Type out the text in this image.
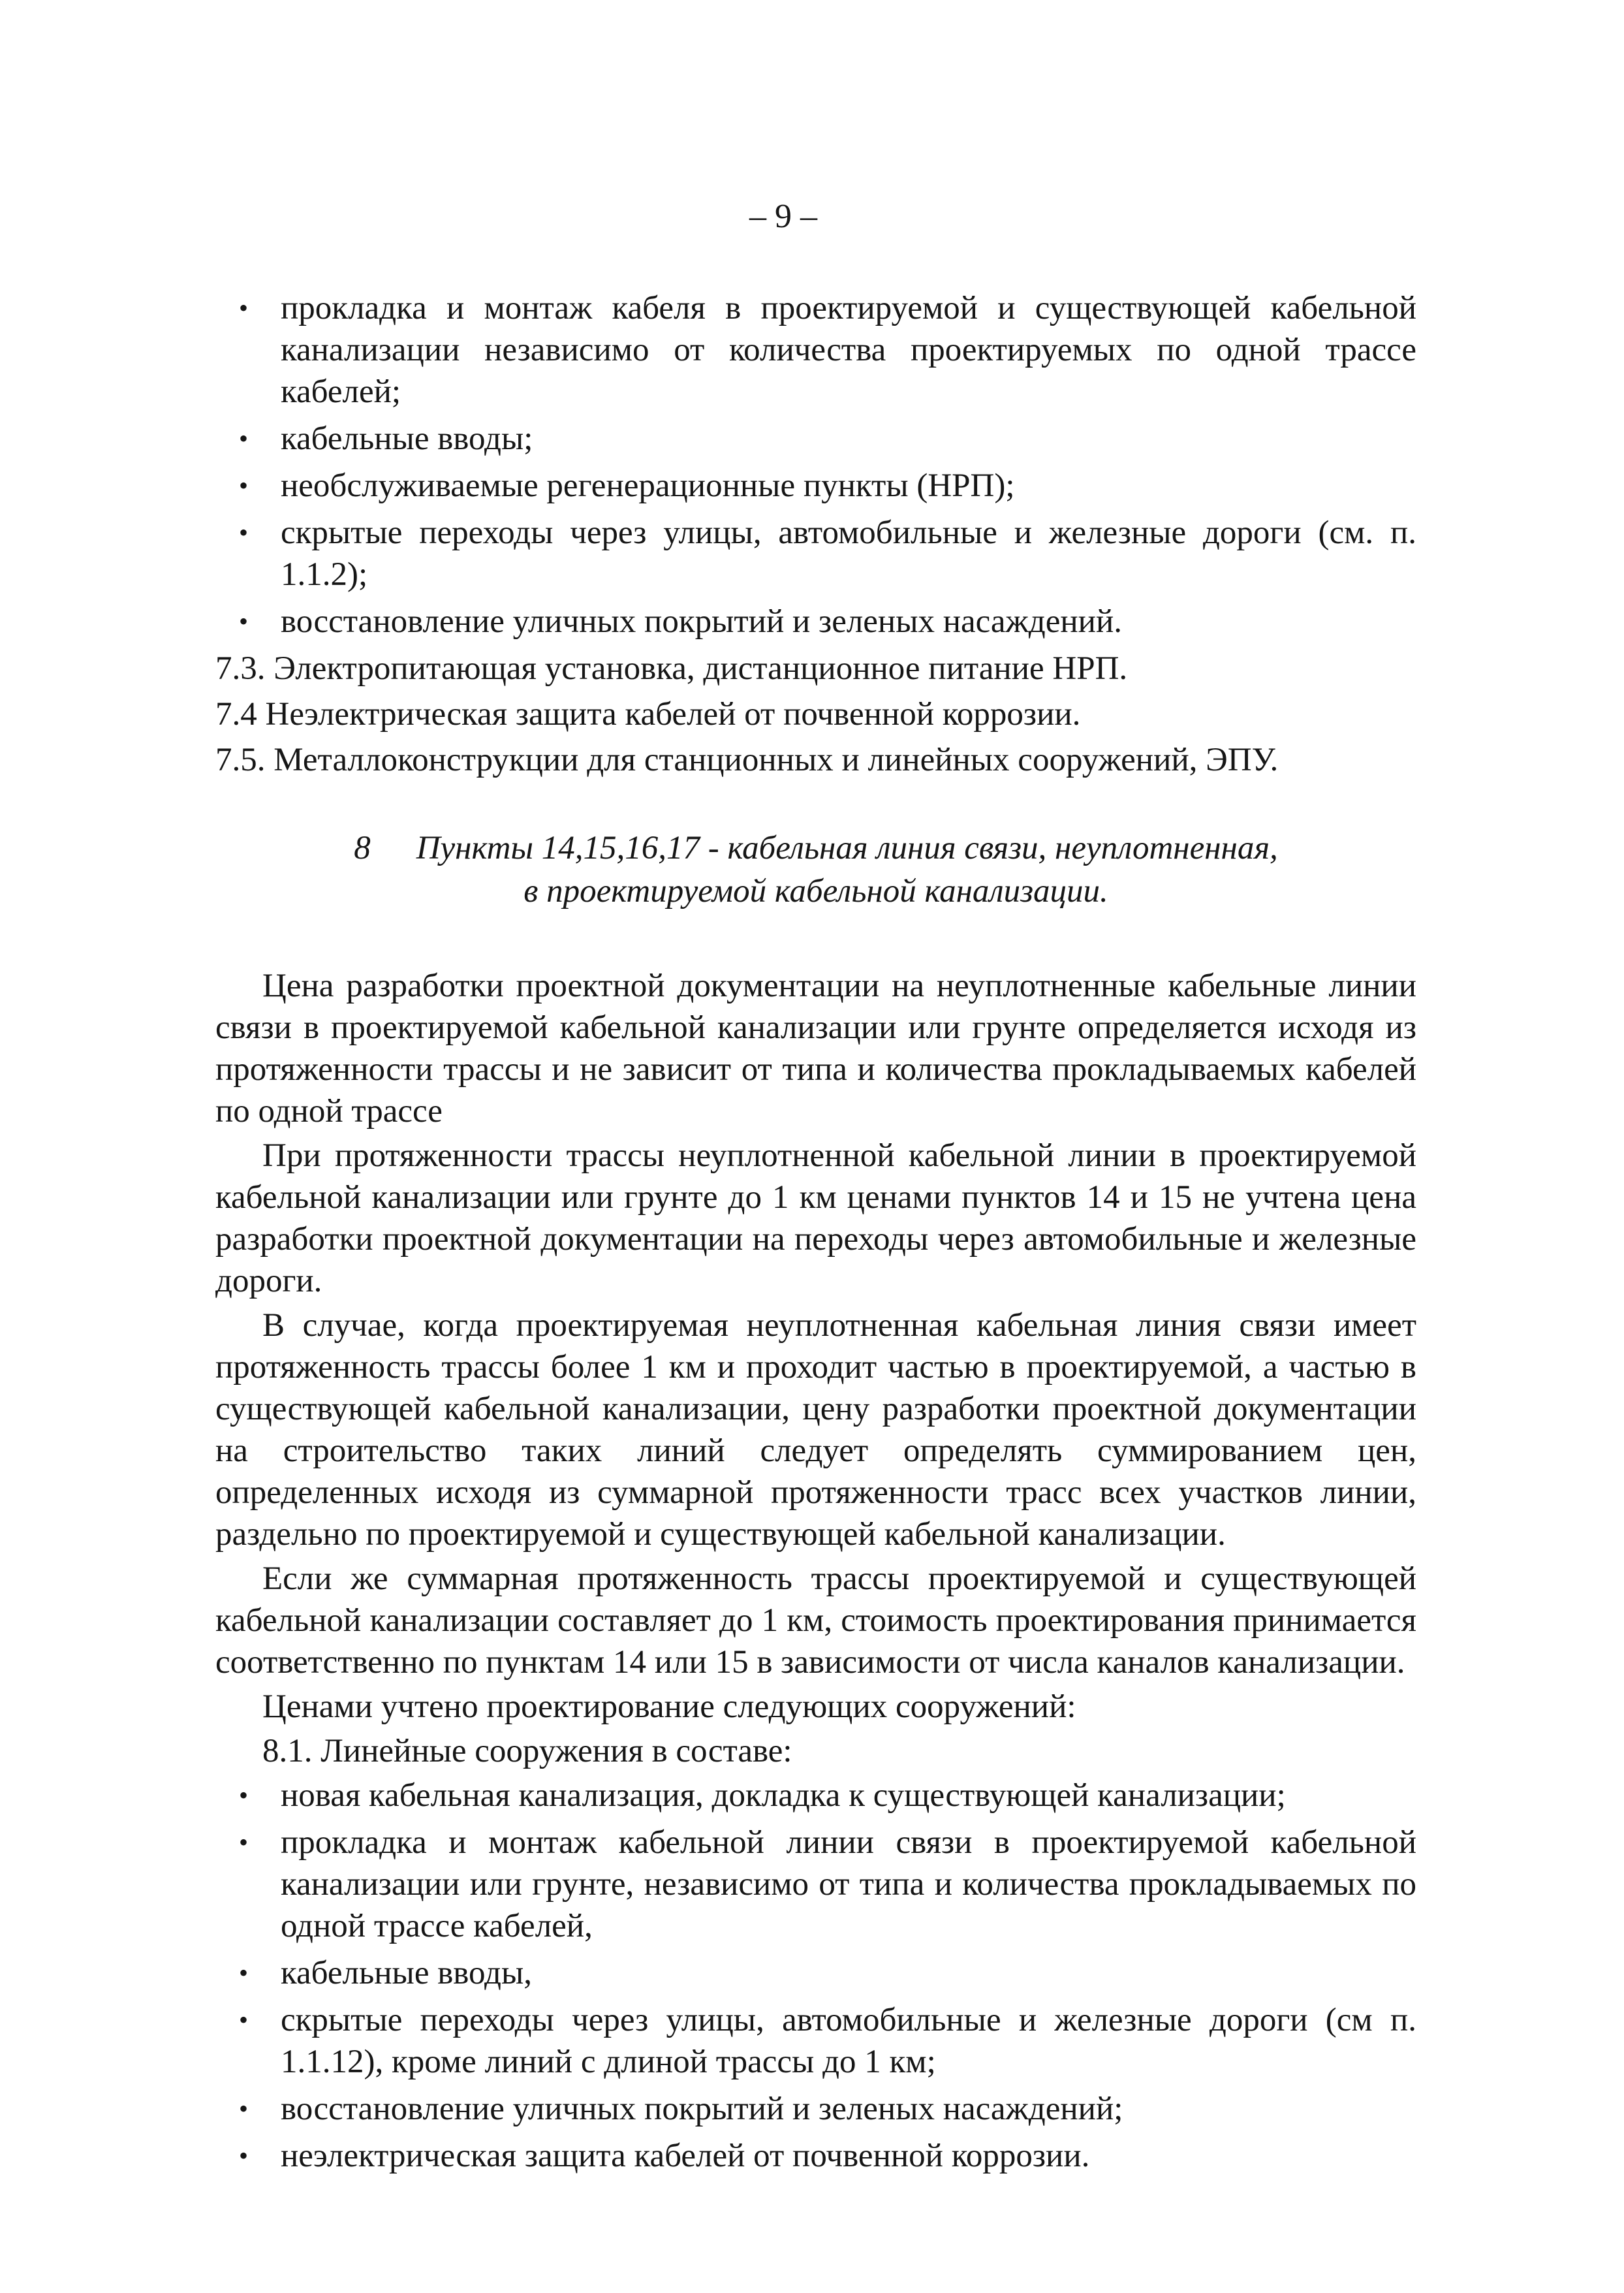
– 9 –
• прокладка и монтаж кабеля в проектируемой и существующей кабельной канализации независимо от количества проектируемых по одной трассе кабелей;
• кабельные вводы;
• необслуживаемые регенерационные пункты (НРП);
• скрытые переходы через улицы, автомобильные и железные дороги (см. п. 1.1.2);
• восстановление уличных покрытий и зеленых насаждений.
7.3. Электропитающая установка, дистанционное питание НРП.
7.4 Неэлектрическая защита кабелей от почвенной коррозии.
7.5. Металлоконструкции для станционных и линейных сооружений, ЭПУ.
8 Пункты 14,15,16,17 - кабельная линия связи, неуплотненная,
в проектируемой кабельной канализации.

Цена разработки проектной документации на неуплотненные кабельные линии связи в проектируемой кабельной канализации или грунте определяется исходя из протяженности трассы и не зависит от типа и количества прокладываемых кабелей по одной трассе

При протяженности трассы неуплотненной кабельной линии в проектируемой кабельной канализации или грунте до 1 км ценами пунктов 14 и 15 не учтена цена разработки проектной документации на переходы через автомобильные и железные дороги.

В случае, когда проектируемая неуплотненная кабельная линия связи имеет протяженность трассы более 1 км и проходит частью в проектируемой, а частью в существующей кабельной канализации, цену разработки проектной документации на строительство таких линий следует определять суммированием цен, определенных исходя из суммарной протяженности трасс всех участков линии, раздельно по проектируемой и существующей кабельной канализации.

Если же суммарная протяженность трассы проектируемой и существующей кабельной канализации составляет до 1 км, стоимость проектирования принимается соответственно по пунктам 14 или 15 в зависимости от числа каналов канализации.

Ценами учтено проектирование следующих сооружений:

8.1. Линейные сооружения в составе:

• новая кабельная канализация, докладка к существующей канализации;
• прокладка и монтаж кабельной линии связи в проектируемой кабельной канализации или грунте, независимо от типа и количества прокладываемых по одной трассе кабелей,
• кабельные вводы,
• скрытые переходы через улицы, автомобильные и железные дороги (см п. 1.1.12), кроме линий с длиной трассы до 1 км;
• восстановление уличных покрытий и зеленых насаждений;
• неэлектрическая защита кабелей от почвенной коррозии.
